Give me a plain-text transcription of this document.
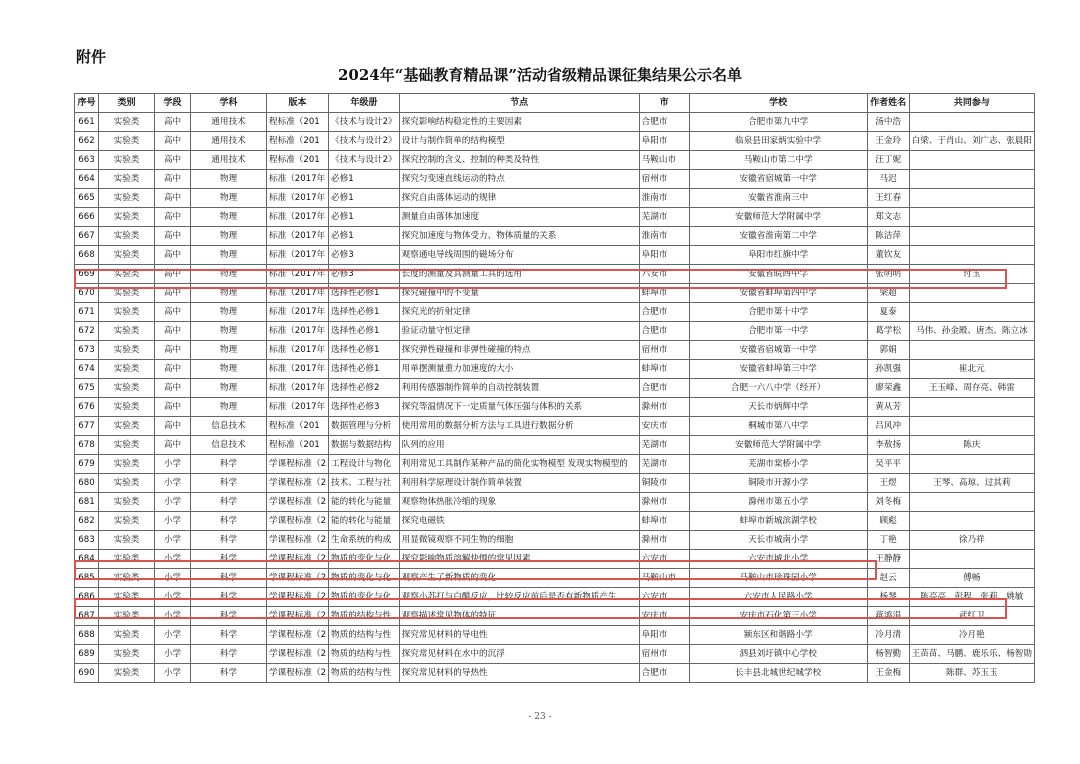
附件
2024年“基础教育精品课”活动省级精品课征集结果公示名单
序号	类别	学段	学科	版本	年级册	节点	市	学校	作者姓名	共同参与
661	实验类	高中	通用技术	程标准（201	《技术与设计2》	探究影响结构稳定性的主要因素	合肥市	合肥市第九中学	汤中浩	
662	实验类	高中	通用技术	程标准（201	《技术与设计2》	设计与制作简单的结构模型	阜阳市	临泉县田家炳实验中学	王金玲	白梁、于肖山、刘广志、张晨阳
663	实验类	高中	通用技术	程标准（201	《技术与设计2》	探究控制的含义、控制的种类及特性	马鞍山市	马鞍山市第二中学	汪丁妮	
664	实验类	高中	物理	标准（2017年	必修1	探究匀变速直线运动的特点	宿州市	安徽省宿城第一中学	马迟	
665	实验类	高中	物理	标准（2017年	必修1	探究自由落体运动的规律	淮南市	安徽省淮南三中	王红春	
666	实验类	高中	物理	标准（2017年	必修1	测量自由落体加速度	芜湖市	安徽师范大学附属中学	郑文志	
667	实验类	高中	物理	标准（2017年	必修1	探究加速度与物体受力、物体质量的关系	淮南市	安徽省淮南第二中学	陈洁萍	
668	实验类	高中	物理	标准（2017年	必修3	观察通电导线周围的磁场分布	阜阳市	阜阳市红旗中学	董钦友	
669	实验类	高中	物理	标准（2017年	必修3	长度的测量及其测量工具的选用	六安市	安徽省皖西中学	张明明	付玉
670	实验类	高中	物理	标准（2017年	选择性必修1	探究碰撞中的不变量	蚌埠市	安徽省蚌埠第四中学	梁超	
671	实验类	高中	物理	标准（2017年	选择性必修1	探究光的折射定律	合肥市	合肥市第十中学	夏泰	
672	实验类	高中	物理	标准（2017年	选择性必修1	验证动量守恒定律	合肥市	合肥市第一中学	葛学松	马伟、孙金殿、唐杰、陈立冰
673	实验类	高中	物理	标准（2017年	选择性必修1	探究弹性碰撞和非弹性碰撞的特点	宿州市	安徽省宿城第一中学	郭娟	
674	实验类	高中	物理	标准（2017年	选择性必修1	用单摆测量重力加速度的大小	蚌埠市	安徽省蚌埠第三中学	孙凯强	崔北元
675	实验类	高中	物理	标准（2017年	选择性必修2	利用传感器制作简单的自动控制装置	合肥市	合肥一六八中学（经开）	廖荣鑫	王玉峰、周存亮、韩雷
676	实验类	高中	物理	标准（2017年	选择性必修3	探究等温情况下一定质量气体压强与体积的关系	滁州市	天长市炳辉中学	黄从芳	
677	实验类	高中	信息技术	程标准（201	数据管理与分析	使用常用的数据分析方法与工具进行数据分析	安庆市	桐城市第八中学	吕风冲	
678	实验类	高中	信息技术	程标准（201	数据与数据结构	队列的应用	芜湖市	安徽师范大学附属中学	李敖扬	陈庆
679	实验类	小学	科学	学课程标准（2	工程设计与物化	利用常见工具制作某种产品的简化实物模型 发现实物模型的	芜湖市	芜湖市棠桥小学	吴平平	
680	实验类	小学	科学	学课程标准（2	技术、工程与社	利用科学原理设计制作简单装置	铜陵市	铜陵市开源小学	王煜	王琴、高琼、过其莉
681	实验类	小学	科学	学课程标准（2	能的转化与能量	观察物体热胀冷缩的现象	滁州市	滁州市第五小学	刘冬梅	
682	实验类	小学	科学	学课程标准（2	能的转化与能量	探究电磁铁	蚌埠市	蚌埠市新城滨湖学校	顾彪	
683	实验类	小学	科学	学课程标准（2	生命系统的构成	用显微镜观察不同生物的细胞	滁州市	天长市城南小学	丁艳	徐乃祥
684	实验类	小学	科学	学课程标准（2	物质的变化与化	探究影响物质溶解快慢的常见因素	六安市	六安市城北小学	王静静	
685	实验类	小学	科学	学课程标准（2	物质的变化与化	观察产生了新物质的变化	马鞍山市	马鞍山市珍珠园小学	赵云	傅畅
686	实验类	小学	科学	学课程标准（2	物质的变化与化	观察小苏打与白醋反应，比较反应前后是否有新物质产生	六安市	六安市人民路小学	杨琴	陈亮亮、彭程、张莉、姚敏
687	实验类	小学	科学	学课程标准（2	物质的结构与性	观察描述常见物体的特征	安庆市	安庆市石化第三小学	蒋鸿涓	武红卫
688	实验类	小学	科学	学课程标准（2	物质的结构与性	探究常见材料的导电性	阜阳市	颍东区和谐路小学	冷月清	冷月艳
689	实验类	小学	科学	学课程标准（2	物质的结构与性	探究常见材料在水中的沉浮	宿州市	泗县刘圩镇中心学校	杨智勤	王苗苗、马鹏、鹿乐乐、杨智勋
690	实验类	小学	科学	学课程标准（2	物质的结构与性	探究常见材料的导热性	合肥市	长丰县北城世纪城学校	王金梅	陈群、苏玉玉
- 23 -
